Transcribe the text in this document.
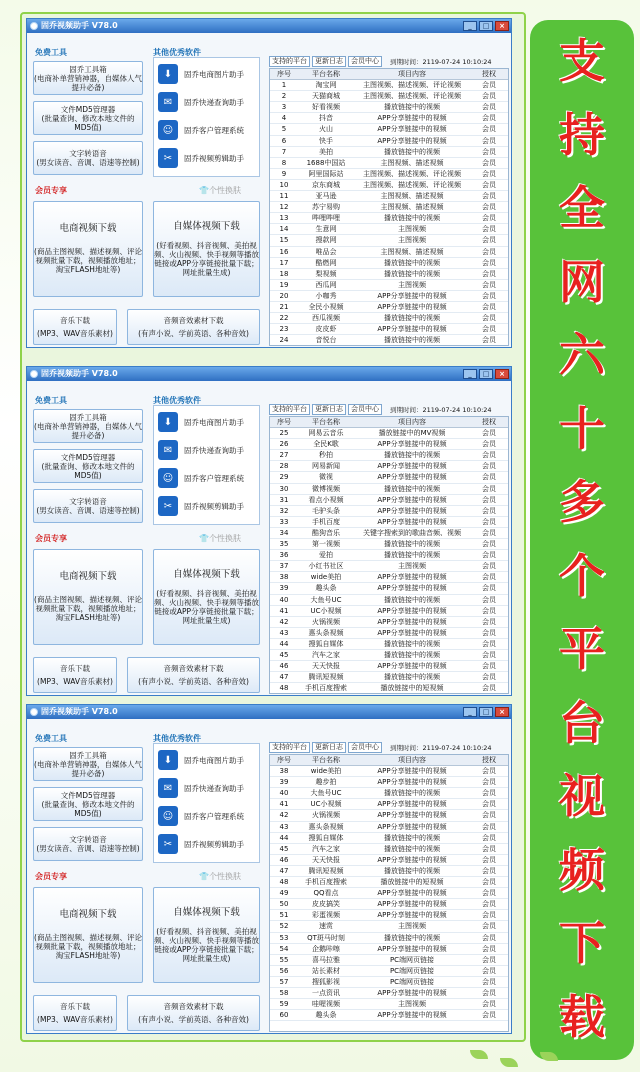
固乔视频助手 V78.0	_	□	×
免费工具
固乔工具箱
(电商补单营销神器，自媒体人气提升必备)
文件MD5管理器
(批量查询、修改本地文件的MD5值)
文字转语音
(男女读音、音调、语速等控制)
其他优秀软件
⬇	固乔电商图片助手
✉	固乔快递查询助手
☺	固乔客户管理系统
✂	固乔视频剪辑助手
会员专享	👕个性换肤
电商视频下载
(商品主图视频、描述视频、评论视频批量下载，视频播放地址；淘宝FLASH地址等)
自媒体视频下载
(好看视频、抖音视频、美拍视频、火山视频、快手视频等播放链接或APP分享链接批量下载；网址批量生成)
音乐下载
(MP3、WAV音乐素材)
音频音效素材下载
(有声小说、学前英语、各种音效)
支持的平台	更新日志	会员中心	到期时间：2119-07-24 10:10:24
序号	平台名称	项目内容	授权
1	淘宝网	主图视频、描述视频、评论视频	会员
2	天猫商城	主图视频、描述视频、评论视频	会员
3	好看视频	播放链接中的视频	会员
4	抖音	APP分享链接中的视频	会员
5	火山	APP分享链接中的视频	会员
6	快手	APP分享链接中的视频	会员
7	美拍	播放链接中的视频	会员
8	1688中国站	主图视频、描述视频	会员
9	阿里国际站	主图视频、描述视频、评论视频	会员
10	京东商城	主图视频、描述视频、评论视频	会员
11	亚马逊	主图视频、描述视频	会员
12	苏宁易购	主图视频、描述视频	会员
13	哔哩哔哩	播放链接中的视频	会员
14	生意网	主图视频	会员
15	搜款网	主图视频	会员
16	唯品会	主图视频、描述视频	会员
17	酷燃网	播放链接中的视频	会员
18	梨视频	播放链接中的视频	会员
19	西瓜网	主图视频	会员
20	小咖秀	APP分享链接中的视频	会员
21	全民小视频	APP分享链接中的视频	会员
22	西瓜视频	播放链接中的视频	会员
23	皮皮虾	APP分享链接中的视频	会员
24	音悦台	播放链接中的视频	会员
固乔视频助手 V78.0	_	□	×
免费工具
固乔工具箱
(电商补单营销神器，自媒体人气提升必备)
文件MD5管理器
(批量查询、修改本地文件的MD5值)
文字转语音
(男女读音、音调、语速等控制)
其他优秀软件
⬇	固乔电商图片助手
✉	固乔快递查询助手
☺	固乔客户管理系统
✂	固乔视频剪辑助手
会员专享	👕个性换肤
电商视频下载
(商品主图视频、描述视频、评论视频批量下载，视频播放地址；淘宝FLASH地址等)
自媒体视频下载
(好看视频、抖音视频、美拍视频、火山视频、快手视频等播放链接或APP分享链接批量下载；网址批量生成)
音乐下载
(MP3、WAV音乐素材)
音频音效素材下载
(有声小说、学前英语、各种音效)
支持的平台	更新日志	会员中心	到期时间：2119-07-24 10:10:24
序号	平台名称	项目内容	授权
25	网易云音乐	播放链接中的MV视频	会员
26	全民K歌	APP分享链接中的视频	会员
27	秒拍	播放链接中的视频	会员
28	网易新闻	APP分享链接中的视频	会员
29	微视	APP分享链接中的视频	会员
30	微博视频	播放链接中的视频	会员
31	看点小视频	APP分享链接中的视频	会员
32	毛驴头条	APP分享链接中的视频	会员
33	手机百度	APP分享链接中的视频	会员
34	酷狗音乐	关键字搜索到的歌曲音频、视频	会员
35	第一视频	播放链接中的视频	会员
36	爱拍	播放链接中的视频	会员
37	小红书社区	主图视频	会员
38	wide美拍	APP分享链接中的视频	会员
39	趣头条	APP分享链接中的视频	会员
40	大鱼号UC	播放链接中的视频	会员
41	UC小视频	APP分享链接中的视频	会员
42	火锅视频	APP分享链接中的视频	会员
43	惠头条视频	APP分享链接中的视频	会员
44	搜狐自媒体	播放链接中的视频	会员
45	汽车之家	播放链接中的视频	会员
46	天天快报	APP分享链接中的视频	会员
47	腾讯短视频	播放链接中的视频	会员
48	手机百度搜索	播放链接中的短视频	会员
固乔视频助手 V78.0	_	□	×
免费工具
固乔工具箱
(电商补单营销神器，自媒体人气提升必备)
文件MD5管理器
(批量查询、修改本地文件的MD5值)
文字转语音
(男女读音、音调、语速等控制)
其他优秀软件
⬇	固乔电商图片助手
✉	固乔快递查询助手
☺	固乔客户管理系统
✂	固乔视频剪辑助手
会员专享	👕个性换肤
电商视频下载
(商品主图视频、描述视频、评论视频批量下载，视频播放地址；淘宝FLASH地址等)
自媒体视频下载
(好看视频、抖音视频、美拍视频、火山视频、快手视频等播放链接或APP分享链接批量下载；网址批量生成)
音乐下载
(MP3、WAV音乐素材)
音频音效素材下载
(有声小说、学前英语、各种音效)
支持的平台	更新日志	会员中心	到期时间：2119-07-24 10:10:24
序号	平台名称	项目内容	授权
38	wide美拍	APP分享链接中的视频	会员
39	趣步拍	APP分享链接中的视频	会员
40	大鱼号UC	播放链接中的视频	会员
41	UC小视频	APP分享链接中的视频	会员
42	火锅视频	APP分享链接中的视频	会员
43	惠头条视频	APP分享链接中的视频	会员
44	搜狐自媒体	播放链接中的视频	会员
45	汽车之家	播放链接中的视频	会员
46	天天快报	APP分享链接中的视频	会员
47	腾讯短视频	播放链接中的视频	会员
48	手机百度搜索	播放链接中的短视频	会员
49	QQ看点	APP分享链接中的视频	会员
50	皮皮搞笑	APP分享链接中的视频	会员
51	彩蛋视频	APP分享链接中的视频	会员
52	速赏	主图视频	会员
53	QT斑马时刻	播放链接中的视频	会员
54	企鹅咔嚓	APP分享链接中的视频	会员
55	喜马拉雅	PC端网页链接	会员
56	站长素材	PC端网页链接	会员
57	搜狐影视	PC端网页链接	会员
58	一点资讯	APP分享链接中的视频	会员
59	哇喔视频	主图视频	会员
60	趣头条	APP分享链接中的视频	会员
支
持
全
网
六
十
多
个
平
台
视
频
下
载
